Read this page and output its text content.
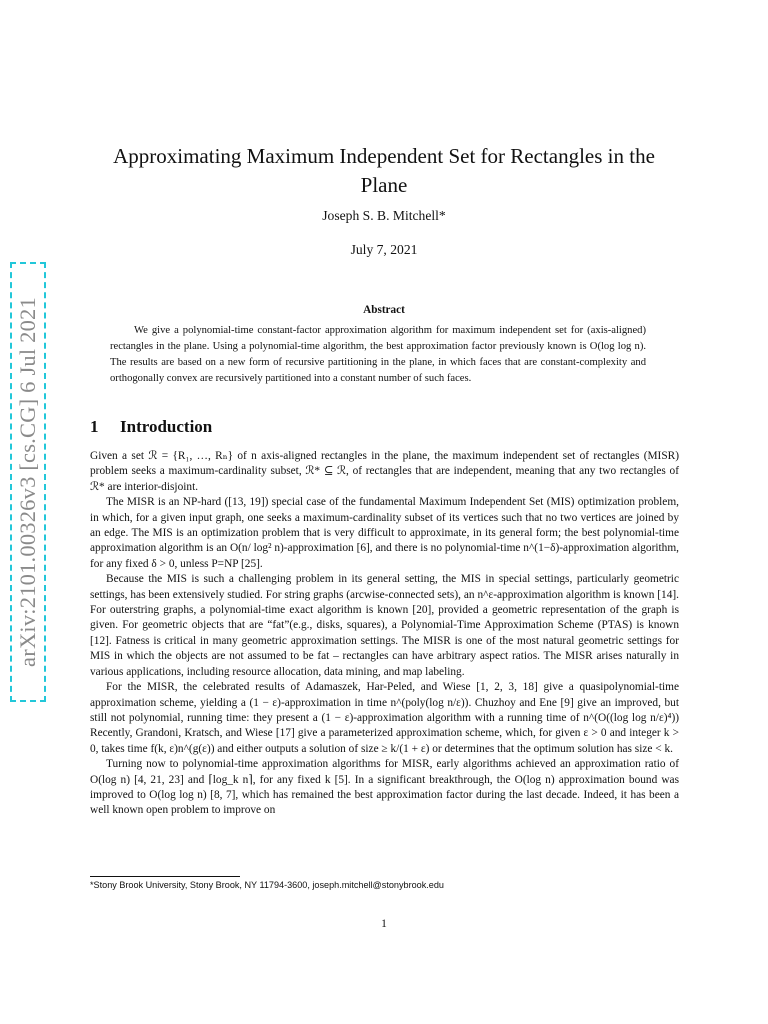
arXiv:2101.00326v3 [cs.CG] 6 Jul 2021
Approximating Maximum Independent Set for Rectangles in the Plane
Joseph S. B. Mitchell*
July 7, 2021
Abstract

We give a polynomial-time constant-factor approximation algorithm for maximum independent set for (axis-aligned) rectangles in the plane. Using a polynomial-time algorithm, the best approximation factor previously known is O(log log n). The results are based on a new form of recursive partitioning in the plane, in which faces that are constant-complexity and orthogonally convex are recursively partitioned into a constant number of such faces.

1 Introduction

Given a set ℛ = {R₁, …, Rₙ} of n axis-aligned rectangles in the plane, the maximum independent set of rectangles (MISR) problem seeks a maximum-cardinality subset, ℛ* ⊆ ℛ, of rectangles that are independent, meaning that any two rectangles of ℛ* are interior-disjoint.

The MISR is an NP-hard ([13, 19]) special case of the fundamental Maximum Independent Set (MIS) optimization problem, in which, for a given input graph, one seeks a maximum-cardinality subset of its vertices such that no two vertices are joined by an edge. The MIS is an optimization problem that is very difficult to approximate, in its general form; the best polynomial-time approximation algorithm is an O(n/ log² n)-approximation [6], and there is no polynomial-time n^(1−δ)-approximation algorithm, for any fixed δ > 0, unless P=NP [25].

Because the MIS is such a challenging problem in its general setting, the MIS in special settings, particularly geometric settings, has been extensively studied. For string graphs (arcwise-connected sets), an n^ε-approximation algorithm is known [14]. For outerstring graphs, a polynomial-time exact algorithm is known [20], provided a geometric representation of the graph is given. For geometric objects that are “fat”(e.g., disks, squares), a Polynomial-Time Approximation Scheme (PTAS) is known [12]. Fatness is critical in many geometric approximation settings. The MISR is one of the most natural geometric settings for MIS in which the objects are not assumed to be fat – rectangles can have arbitrary aspect ratios. The MISR arises naturally in various applications, including resource allocation, data mining, and map labeling.

For the MISR, the celebrated results of Adamaszek, Har-Peled, and Wiese [1, 2, 3, 18] give a quasipolynomial-time approximation scheme, yielding a (1 − ε)-approximation in time n^(poly(log n/ε)). Chuzhoy and Ene [9] give an improved, but still not polynomial, running time: they present a (1 − ε)-approximation algorithm with a running time of n^(O((log log n/ε)⁴)) Recently, Grandoni, Kratsch, and Wiese [17] give a parameterized approximation scheme, which, for given ε > 0 and integer k > 0, takes time f(k, ε)n^(g(ε)) and either outputs a solution of size ≥ k/(1 + ε) or determines that the optimum solution has size < k.

Turning now to polynomial-time approximation algorithms for MISR, early algorithms achieved an approximation ratio of O(log n) [4, 21, 23] and ⌈log_k n⌉, for any fixed k [5]. In a significant breakthrough, the O(log n) approximation bound was improved to O(log log n) [8, 7], which has remained the best approximation factor during the last decade. Indeed, it has been a well known open problem to improve on

*Stony Brook University, Stony Brook, NY 11794-3600, joseph.mitchell@stonybrook.edu
1
